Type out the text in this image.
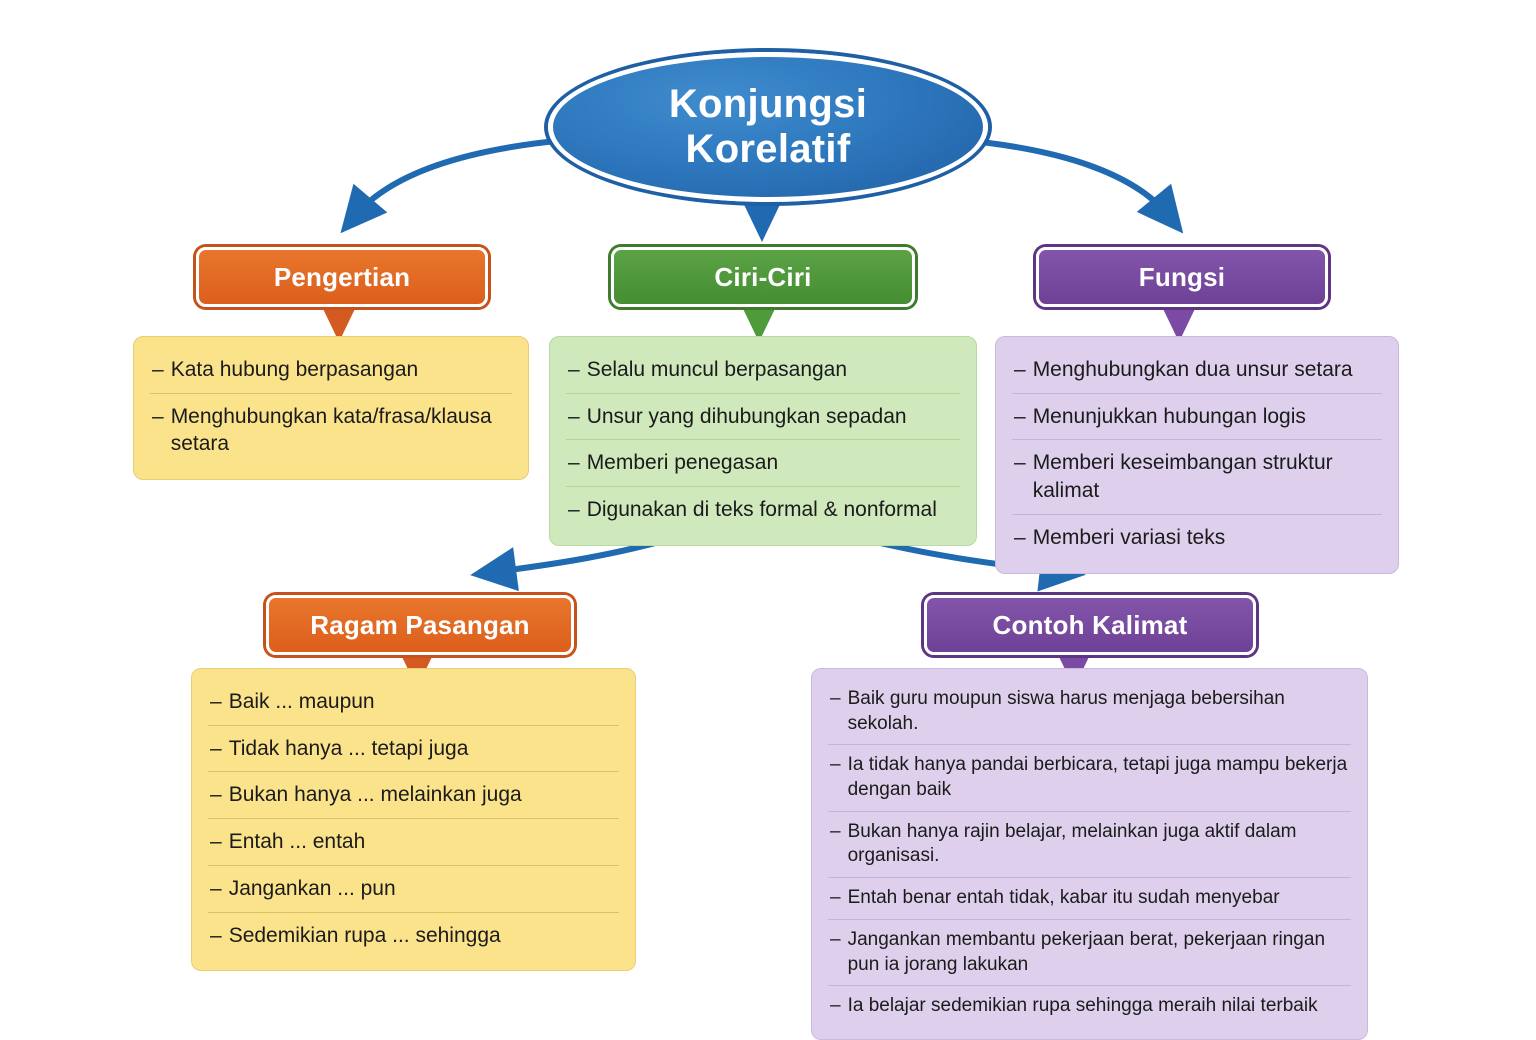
Konjungsi
Korelatif
Pengertian	Ciri-Ciri	Fungsi
Ragam Pasangan	Contoh Kalimat
– Kata hubung berpasangan
– Menghubungkan kata/frasa/klausa setara
– Selalu muncul berpasangan
– Unsur yang dihubungkan sepadan
– Memberi penegasan
– Digunakan di teks formal & nonformal
– Menghubungkan dua unsur setara
– Menunjukkan hubungan logis
– Memberi keseimbangan struktur kalimat
– Memberi variasi teks
– Baik ... maupun
– Tidak hanya ... tetapi juga
– Bukan hanya ... melainkan juga
– Entah ... entah
– Jangankan ... pun
– Sedemikian rupa ... sehingga
– Baik guru moupun siswa harus menjaga bebersihan sekolah.
– Ia tidak hanya pandai berbicara, tetapi juga mampu bekerja dengan baik
– Bukan hanya rajin belajar, melainkan juga aktif dalam organisasi.
– Entah benar entah tidak, kabar itu sudah menyebar
– Jangankan membantu pekerjaan berat, pekerjaan ringan pun ia jorang lakukan
– Ia belajar sedemikian rupa sehingga meraih nilai terbaik
